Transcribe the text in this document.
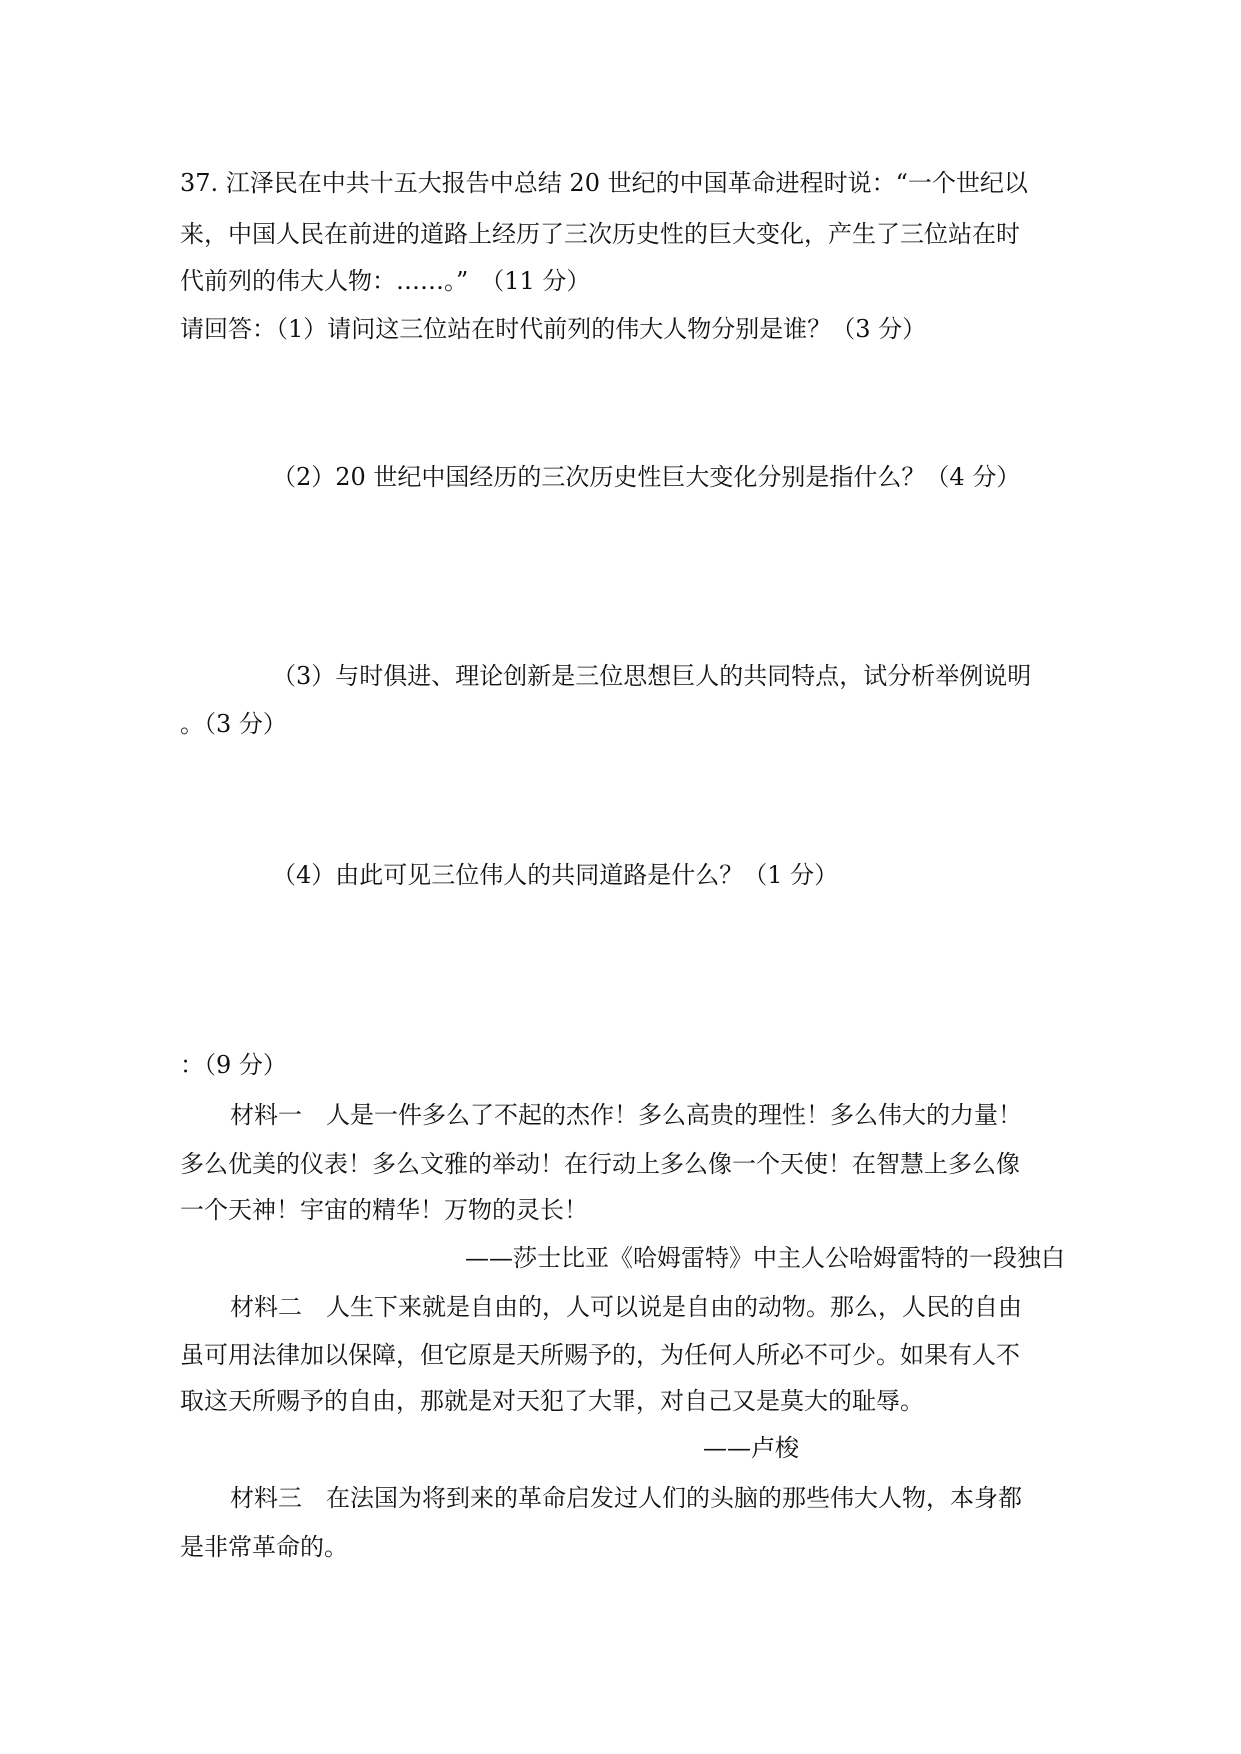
37. 江泽民在中共十五大报告中总结 20 世纪的中国革命进程时说：“一个世纪以
来，中国人民在前进的道路上经历了三次历史性的巨大变化，产生了三位站在时
代前列的伟大人物：……。”　（11 分）
请回答：（1）请问这三位站在时代前列的伟大人物分别是谁？（3 分）
（2）20 世纪中国经历的三次历史性巨大变化分别是指什么？（4 分）
（3）与时俱进、理论创新是三位思想巨人的共同特点，试分析举例说明
。（3 分）
（4）由此可见三位伟人的共同道路是什么？（1 分）
：（9 分）
材料一　人是一件多么了不起的杰作！多么高贵的理性！多么伟大的力量！
多么优美的仪表！多么文雅的举动！在行动上多么像一个天使！在智慧上多么像
一个天神！宇宙的精华！万物的灵长！
——莎士比亚《哈姆雷特》中主人公哈姆雷特的一段独白
材料二　人生下来就是自由的，人可以说是自由的动物。那么，人民的自由
虽可用法律加以保障，但它原是天所赐予的，为任何人所必不可少。如果有人不
取这天所赐予的自由，那就是对天犯了大罪，对自己又是莫大的耻辱。
——卢梭
材料三　在法国为将到来的革命启发过人们的头脑的那些伟大人物，本身都
是非常革命的。
